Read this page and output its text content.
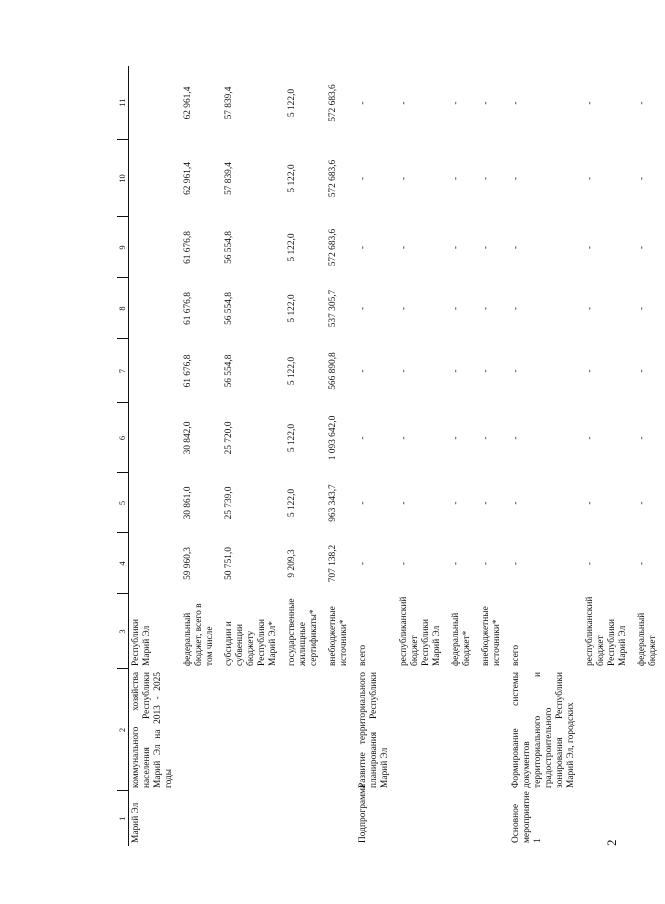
2
1	2	3	4	5	6	7	8	9	10	11
Марий Эл	коммунального хозяйства населения Республики Марий Эл на 2013 - 2025 годы	Республики Марий Эл								
		федеральный бюджет, всего в том числе	59 960,3	30 861,0	30 842,0	61 676,8	61 676,8	61 676,8	62 961,4	62 961,4
		субсидии и субвенции бюджету Республики Марий Эл*	50 751,0	25 739,0	25 720,0	56 554,8	56 554,8	56 554,8	57 839,4	57 839,4
		государственные жилищные сертификаты*	9 209,3	5 122,0	5 122,0	5 122,0	5 122,0	5 122,0	5 122,0	5 122,0
		внебюджетные источники*	707 138,2	963 343,7	1 093 642,0	566 890,8	537 305,7	572 683,6	572 683,6	572 683,6
Подпрограмма	Развитие территориального планирования Республики Марий Эл	всего	-	-	-	-	-	-	-	-
		республиканский бюджет Республики Марий Эл	-	-	-	-	-	-	-	-
		федеральный бюджет*	-	-	-	-	-	-	-	-
		внебюджетные источники*	-	-	-	-	-	-	-	-
Основное мероприятие 1	Формирование системы документов территориального и градостроительного зонирования Республики Марий Эл, городских	всего	-	-	-	-	-	-	-	-
		республиканский бюджет Республики Марий Эл	-	-	-	-	-	-	-	-
		федеральный бюджет	-	-	-	-	-	-	-	-
